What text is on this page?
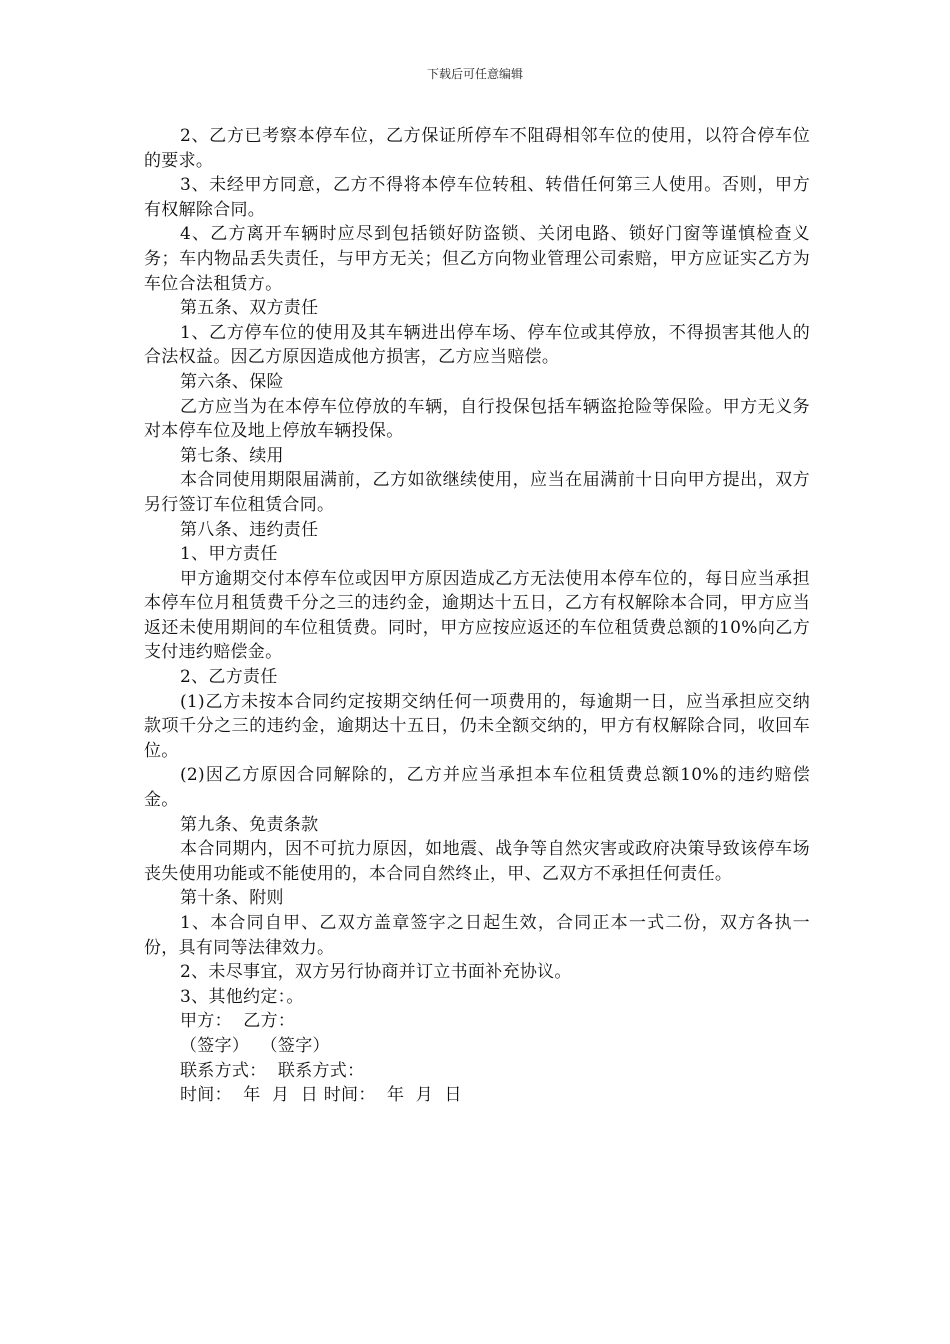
下载后可任意编辑

2、乙方已考察本停车位，乙方保证所停车不阻碍相邻车位的使用，以符合停车位的要求。

3、未经甲方同意，乙方不得将本停车位转租、转借任何第三人使用。否则，甲方有权解除合同。

4、乙方离开车辆时应尽到包括锁好防盗锁、关闭电路、锁好门窗等谨慎检查义务；车内物品丢失责任，与甲方无关；但乙方向物业管理公司索赔，甲方应证实乙方为车位合法租赁方。

第五条、双方责任

1、乙方停车位的使用及其车辆进出停车场、停车位或其停放，不得损害其他人的合法权益。因乙方原因造成他方损害，乙方应当赔偿。

第六条、保险

乙方应当为在本停车位停放的车辆，自行投保包括车辆盗抢险等保险。甲方无义务对本停车位及地上停放车辆投保。

第七条、续用

本合同使用期限届满前，乙方如欲继续使用，应当在届满前十日向甲方提出，双方另行签订车位租赁合同。

第八条、违约责任

1、甲方责任

甲方逾期交付本停车位或因甲方原因造成乙方无法使用本停车位的，每日应当承担本停车位月租赁费千分之三的违约金，逾期达十五日，乙方有权解除本合同，甲方应当返还未使用期间的车位租赁费。同时，甲方应按应返还的车位租赁费总额的10%向乙方支付违约赔偿金。

2、乙方责任

(1)乙方未按本合同约定按期交纳任何一项费用的，每逾期一日，应当承担应交纳款项千分之三的违约金，逾期达十五日，仍未全额交纳的，甲方有权解除合同，收回车位。

(2)因乙方原因合同解除的，乙方并应当承担本车位租赁费总额10%的违约赔偿金。

第九条、免责条款

本合同期内，因不可抗力原因，如地震、战争等自然灾害或政府决策导致该停车场丧失使用功能或不能使用的，本合同自然终止，甲、乙双方不承担任何责任。

第十条、附则

1、本合同自甲、乙双方盖章签字之日起生效，合同正本一式二份，双方各执一份，具有同等法律效力。

2、未尽事宜，双方另行协商并订立书面补充协议。

3、其他约定：。

甲方：  乙方：

（签字）  （签字）

联系方式：  联系方式：

时间：  年  月  日 时间：  年  月  日
